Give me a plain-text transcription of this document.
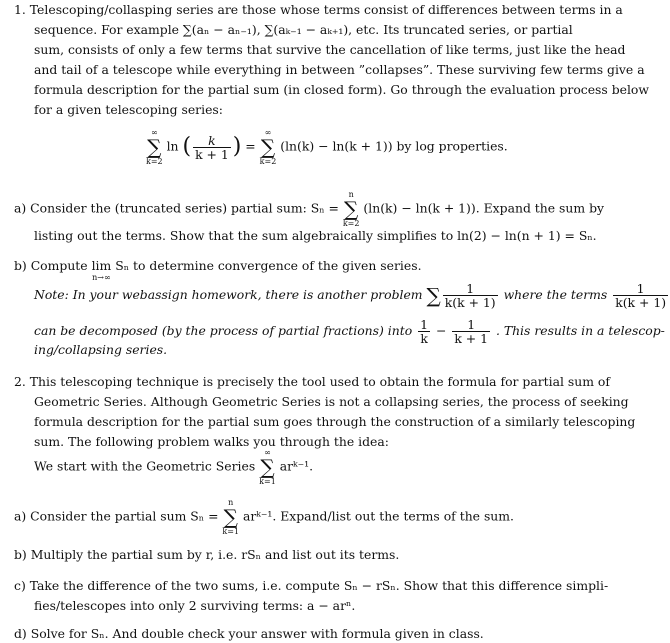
1. Telescoping/collasping series are those whose terms consist of differences between terms in a
sequence. For example ∑(aₙ − aₙ₋₁), ∑(aₖ₋₁ − aₖ₊₁), etc. Its truncated series, or partial
sum, consists of only a few terms that survive the cancellation of like terms, just like the head
and tail of a telescope while everything in between ”collapses”. These surviving few terms give a
formula description for the partial sum (in closed form). Go through the evaluation process below
for a given telescoping series:
∞
∑
k=2
ln ( $\frac{k}{k + 1}$ ) =
∞
∑
k=2
(ln(k) − ln(k + 1)) by log properties.
a) Consider the (truncated series) partial sum: Sₙ =
n
∑
k=2
(ln(k) − ln(k + 1)). Expand the sum by
listing out the terms. Show that the sum algebraically simplifies to ln(2) − ln(n + 1) = Sₙ.
b) Compute lim
n→∞
Sₙ to determine convergence of the given series.
Note: In your webassign homework, there is another problem ∑ $\frac{1}{k(k + 1)}$ where the terms $\frac{1}{k(k + 1)}$
can be decomposed (by the process of partial fractions) into $\frac{1}{k} - \frac{1}{k + 1}$ . This results in a telescop-
ing/collapsing series.
2. This telescoping technique is precisely the tool used to obtain the formula for partial sum of
Geometric Series. Although Geometric Series is not a collapsing series, the process of seeking
formula description for the partial sum goes through the construction of a similarly telescoping
sum. The following problem walks you through the idea:
We start with the Geometric Series
∞
∑
k=1
arᵏ⁻¹.
a) Consider the partial sum Sₙ =
n
∑
k=1
arᵏ⁻¹. Expand/list out the terms of the sum.
b) Multiply the partial sum by r, i.e. rSₙ and list out its terms.
c) Take the difference of the two sums, i.e. compute Sₙ − rSₙ. Show that this difference simpli-
fies/telescopes into only 2 surviving terms: a − arⁿ.
d) Solve for Sₙ. And double check your answer with formula given in class.
